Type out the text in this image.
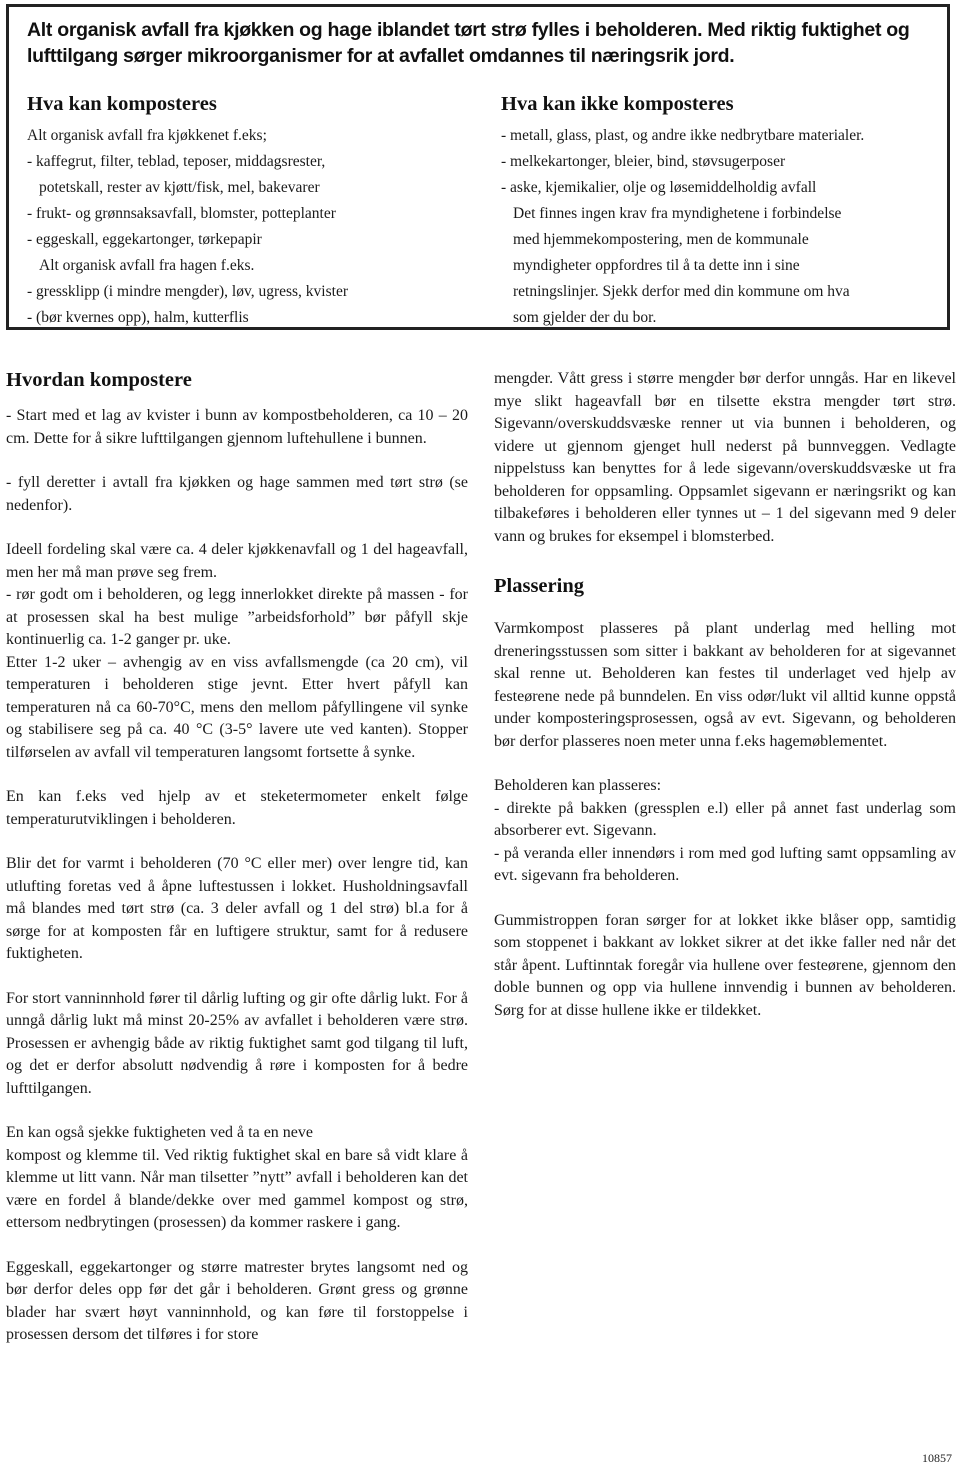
Alt organisk avfall fra kjøkken og hage iblandet tørt strø fylles i beholderen. Med riktig fuktighet og lufttilgang sørger mikroorganismer for at avfallet omdannes til næringsrik jord.
Hva kan komposteres
Alt organisk avfall fra kjøkkenet f.eks;
- kaffegrut, filter, teblad, teposer, middagsrester,
potetskall, rester av kjøtt/fisk, mel, bakevarer
- frukt- og grønnsaksavfall, blomster, potteplanter
- eggeskall, eggekartonger, tørkepapir
Alt organisk avfall fra hagen f.eks.
- gressklipp (i mindre mengder), løv, ugress, kvister
- (bør kvernes opp), halm, kutterflis
Hva kan ikke komposteres
- metall, glass, plast, og andre ikke nedbrytbare materialer.
- melkekartonger, bleier, bind, støvsugerposer
- aske, kjemikalier, olje og løsemiddelholdig avfall
Det finnes ingen krav fra myndighetene i forbindelse
med hjemmekompostering, men de kommunale
myndigheter oppfordres til å ta dette inn i sine
retningslinjer. Sjekk derfor med din kommune om hva
som gjelder der du bor.
Hvordan kompostere

- Start med et lag av kvister i bunn av kompostbeholderen, ca 10 – 20 cm. Dette for å sikre lufttilgangen gjennom luftehullene i bunnen.

- fyll deretter i avtall fra kjøkken og hage sammen med tørt strø (se nedenfor).

Ideell fordeling skal være ca. 4 deler kjøkkenavfall og 1 del hageavfall, men her må man prøve seg frem.

- rør godt om i beholderen, og legg innerlokket direkte på massen - for at prosessen skal ha best mulige ”arbeidsforhold” bør påfyll skje kontinuerlig ca. 1-2 ganger pr. uke.

Etter 1-2 uker – avhengig av en viss avfallsmengde (ca 20 cm), vil temperaturen i beholderen stige jevnt. Etter hvert påfyll kan temperaturen nå ca 60-70°C, mens den mellom påfyllingene vil synke og stabilisere seg på ca. 40 °C (3-5° lavere ute ved kanten). Stopper tilførselen av avfall vil temperaturen langsomt fortsette å synke.

En kan f.eks ved hjelp av et steketermometer enkelt følge temperaturutviklingen i beholderen.

Blir det for varmt i beholderen (70 °C eller mer) over lengre tid, kan utlufting foretas ved å åpne luftestussen i lokket. Husholdningsavfall må blandes med tørt strø (ca. 3 deler avfall og 1 del strø) bl.a for å sørge for at komposten får en luftigere struktur, samt for å redusere fuktigheten.

For stort vanninnhold fører til dårlig lufting og gir ofte dårlig lukt. For å unngå dårlig lukt må minst 20-25% av avfallet i beholderen være strø. Prosessen er avhengig både av riktig fuktighet samt god tilgang til luft, og det er derfor absolutt nødvendig å røre i komposten for å bedre lufttilgangen.

En kan også sjekke fuktigheten ved å ta en neve

kompost og klemme til. Ved riktig fuktighet skal en bare så vidt klare å klemme ut litt vann. Når man tilsetter ”nytt” avfall i beholderen kan det være en fordel å blande/dekke over med gammel kompost og strø, ettersom nedbrytingen (prosessen) da kommer raskere i gang.

Eggeskall, eggekartonger og større matrester brytes langsomt ned og bør derfor deles opp før det går i beholderen. Grønt gress og grønne blader har svært høyt vanninnhold, og kan føre til forstoppelse i prosessen dersom det tilføres i for store

mengder. Vått gress i større mengder bør derfor unngås. Har en likevel mye slikt hageavfall bør en tilsette ekstra mengder tørt strø. Sigevann/overskuddsvæske renner ut via bunnen i beholderen, og videre ut gjennom gjenget hull nederst på bunnveggen. Vedlagte nippelstuss kan benyttes for å lede sigevann/overskuddsvæske ut fra beholderen for oppsamling. Oppsamlet sigevann er næringsrikt og kan tilbakeføres i beholderen eller tynnes ut – 1 del sigevann med 9 deler vann og brukes for eksempel i blomsterbed.

Plassering

Varmkompost plasseres på plant underlag med helling mot dreneringsstussen som sitter i bakkant av beholderen for at sigevannet skal renne ut. Beholderen kan festes til underlaget ved hjelp av festeørene nede på bunndelen. En viss odør/lukt vil alltid kunne oppstå under komposteringsprosessen, også av evt. Sigevann, og beholderen bør derfor plasseres noen meter unna f.eks hagemøblementet.

Beholderen kan plasseres:

- direkte på bakken (gressplen e.l) eller på annet fast underlag som absorberer evt. Sigevann.

- på veranda eller innendørs i rom med god lufting samt oppsamling av evt. sigevann fra beholderen.

Gummistroppen foran sørger for at lokket ikke blåser opp, samtidig som stoppenet i bakkant av lokket sikrer at det ikke faller ned når det står åpent. Luftinntak foregår via hullene over festeørene, gjennom den doble bunnen og opp via hullene innvendig i bunnen av beholderen. Sørg for at disse hullene ikke er tildekket.

10857
